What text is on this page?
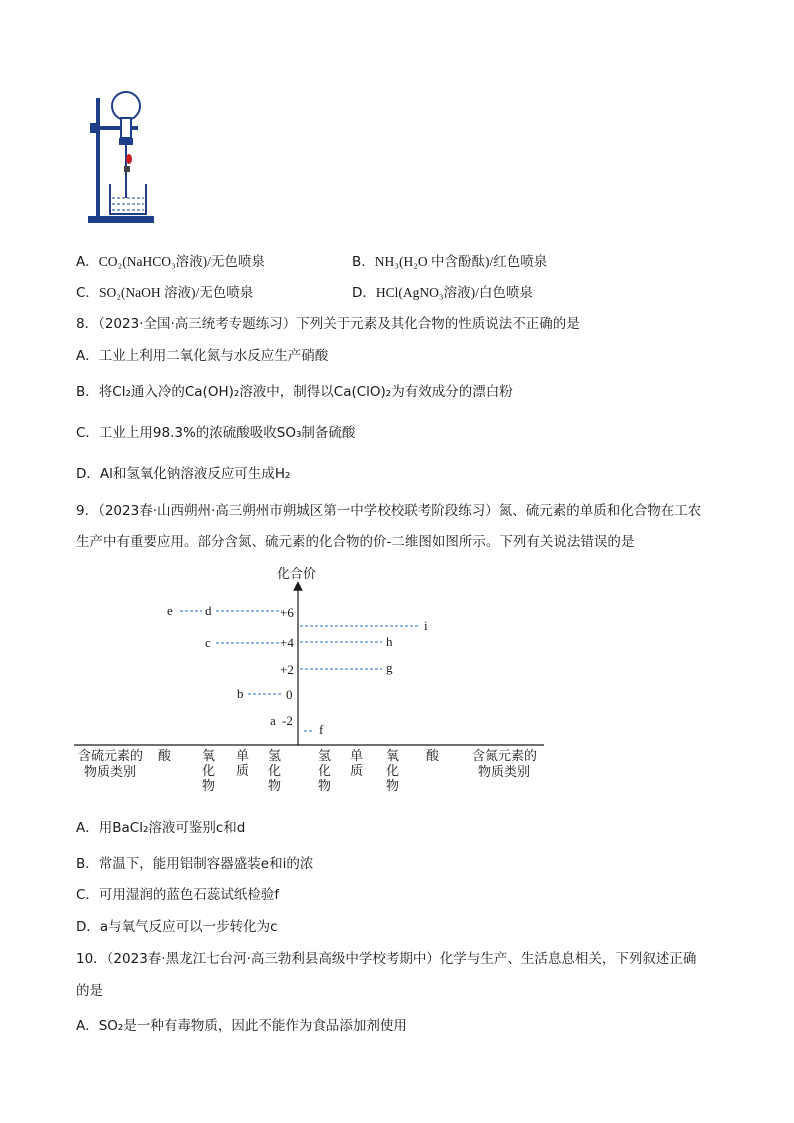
A．CO₂(NaHCO₃溶液)/无色喷泉	B．NH₃(H₂O 中含酚酞)/红色喷泉
C．SO₂(NaOH 溶液)/无色喷泉	D．HCl(AgNO₃溶液)/白色喷泉
8．（2023·全国·高三统考专题练习）下列关于元素及其化合物的性质说法不正确的是
A．工业上利用二氧化氮与水反应生产硝酸
B．将Cl₂通入冷的Ca(OH)₂溶液中，制得以Ca(ClO)₂为有效成分的漂白粉
C．工业上用98.3%的浓硫酸吸收SO₃制备硫酸
D．Al和氢氧化钠溶液反应可生成H₂
9．（2023春·山西朔州·高三朔州市朔城区第一中学校校联考阶段练习）氮、硫元素的单质和化合物在工农
生产中有重要应用。部分含氮、硫元素的化合物的价-二维图如图所示。下列有关说法错误的是
化合价
+6
+4
+2
0
-2
e d
c
b
a
f
g
h
i
含硫元素的 物质类别
含氮元素的 物质类别
酸 氧
化
物
单
质
氢
化
物
氢
化
物
单
质
氧
化
物
酸
A．用BaCl₂溶液可鉴别c和d
B．常温下，能用铝制容器盛装e和i的浓
C．可用湿润的蓝色石蕊试纸检验f
D．a与氧气反应可以一步转化为c
10．（2023春·黑龙江七台河·高三勃利县高级中学校考期中）化学与生产、生活息息相关，下列叙述正确
的是
A．SO₂是一种有毒物质，因此不能作为食品添加剂使用
